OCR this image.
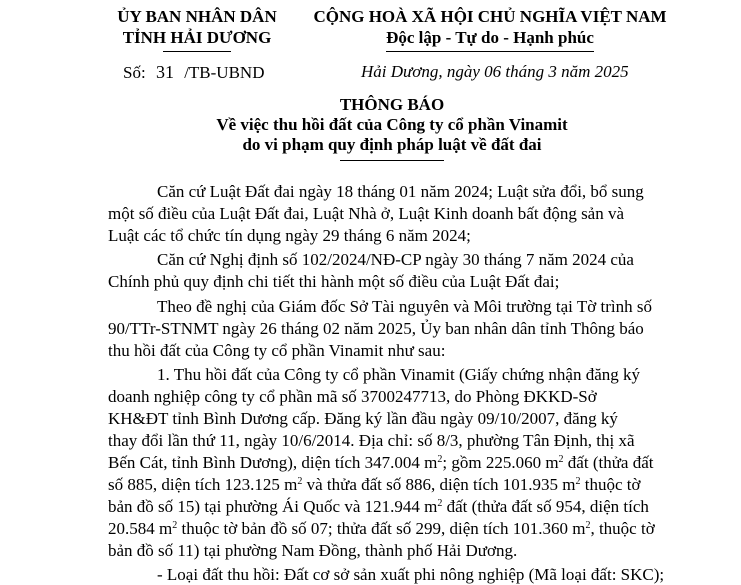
ỦY BAN NHÂN DÂN
TỈNH HẢI DƯƠNG
CỘNG HOÀ XÃ HỘI CHỦ NGHĨA VIỆT NAM
Độc lập - Tự do - Hạnh phúc
Số: 31 /TB-UBND	Hải Dương, ngày 06 tháng 3 năm 2025
THÔNG BÁO
Về việc thu hồi đất của Công ty cổ phần Vinamit
do vi phạm quy định pháp luật về đất đai
Căn cứ Luật Đất đai ngày 18 tháng 01 năm 2024; Luật sửa đổi, bổ sung
một số điều của Luật Đất đai, Luật Nhà ở, Luật Kinh doanh bất động sản và
Luật các tổ chức tín dụng ngày 29 tháng 6 năm 2024;
Căn cứ Nghị định số 102/2024/NĐ-CP ngày 30 tháng 7 năm 2024 của
Chính phủ quy định chi tiết thi hành một số điều của Luật Đất đai;
Theo đề nghị của Giám đốc Sở Tài nguyên và Môi trường tại Tờ trình số
90/TTr-STNMT ngày 26 tháng 02 năm 2025, Ủy ban nhân dân tỉnh Thông báo
thu hồi đất của Công ty cổ phần Vinamit như sau:
1. Thu hồi đất của Công ty cổ phần Vinamit (Giấy chứng nhận đăng ký
doanh nghiệp công ty cổ phần mã số 3700247713, do Phòng ĐKKD-Sở
KH&ĐT tỉnh Bình Dương cấp. Đăng ký lần đầu ngày 09/10/2007, đăng ký
thay đổi lần thứ 11, ngày 10/6/2014. Địa chỉ: số 8/3, phường Tân Định, thị xã
Bến Cát, tỉnh Bình Dương), diện tích 347.004 $m^2$; gồm 225.060 $m^2$ đất (thửa đất
số 885, diện tích 123.125 $m^2$ và thửa đất số 886, diện tích 101.935 $m^2$ thuộc tờ
bản đồ số 15) tại phường Ái Quốc và 121.944 $m^2$ đất (thửa đất số 954, diện tích
20.584 $m^2$ thuộc tờ bản đồ số 07; thửa đất số 299, diện tích 101.360 $m^2$, thuộc tờ
bản đồ số 11) tại phường Nam Đồng, thành phố Hải Dương.
- Loại đất thu hồi: Đất cơ sở sản xuất phi nông nghiệp (Mã loại đất: SKC);
